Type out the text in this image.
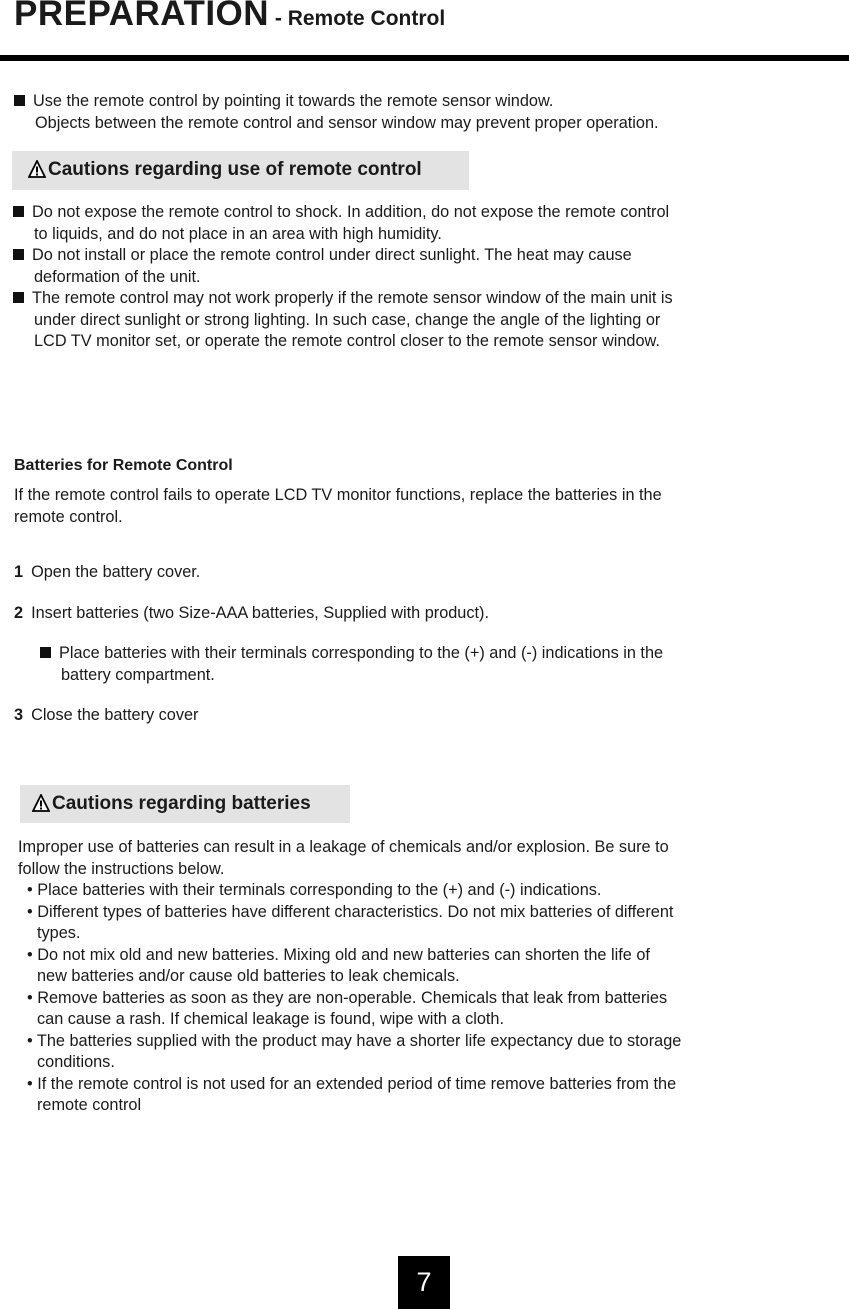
PREPARATION - Remote Control
Use the remote control by pointing it towards the remote sensor window.
Objects between the remote control and sensor window may prevent proper operation.
Cautions regarding use of remote control
Do not expose the remote control to shock. In addition, do not expose the remote control
to liquids, and do not place in an area with high humidity.
Do not install or place the remote control under direct sunlight. The heat may cause
deformation of the unit.
The remote control may not work properly if the remote sensor window of the main unit is
under direct sunlight or strong lighting. In such case, change the angle of the lighting or
LCD TV monitor set, or operate the remote control closer to the remote sensor window.
Batteries for Remote Control
If the remote control fails to operate LCD TV monitor functions, replace the batteries in the
remote control.
1 Open the battery cover.
2 Insert batteries (two Size-AAA batteries, Supplied with product).
Place batteries with their terminals corresponding to the (+) and (-) indications in the
battery compartment.
3 Close the battery cover
Cautions regarding batteries
Improper use of batteries can result in a leakage of chemicals and/or explosion. Be sure to
follow the instructions below.
• Place batteries with their terminals corresponding to the (+) and (-) indications.
• Different types of batteries have different characteristics. Do not mix batteries of different
types.
• Do not mix old and new batteries. Mixing old and new batteries can shorten the life of
new batteries and/or cause old batteries to leak chemicals.
• Remove batteries as soon as they are non-operable. Chemicals that leak from batteries
can cause a rash. If chemical leakage is found, wipe with a cloth.
• The batteries supplied with the product may have a shorter life expectancy due to storage
conditions.
• If the remote control is not used for an extended period of time remove batteries from the
remote control
7
